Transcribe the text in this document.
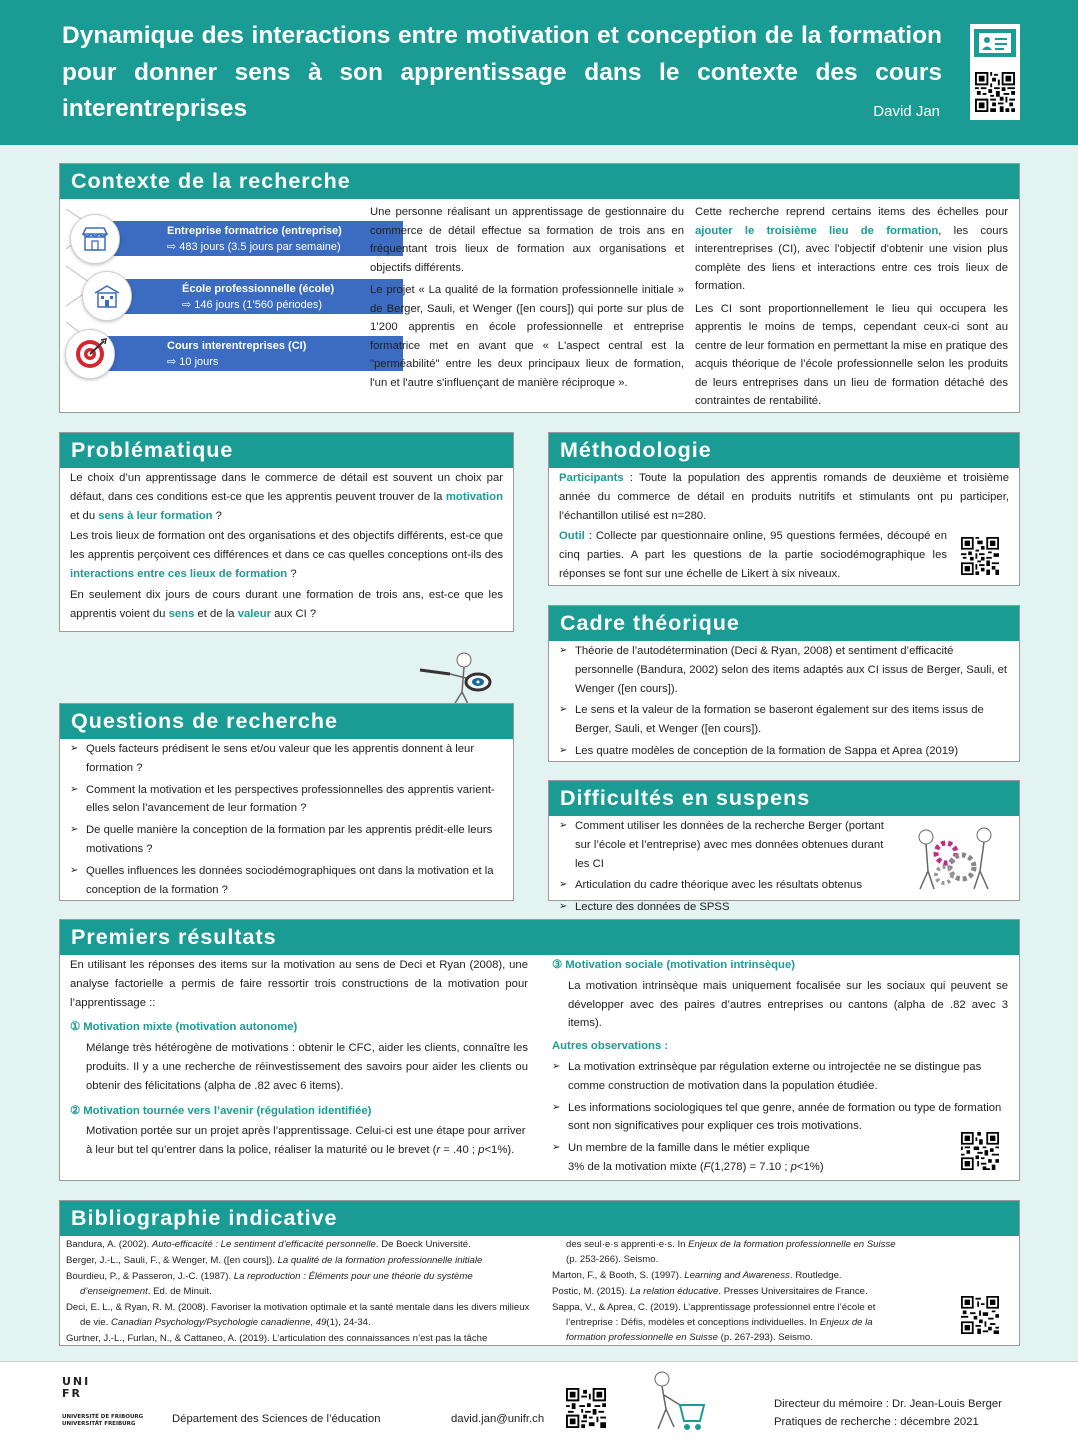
Dynamique des interactions entre motivation et conception de la formation pour donner sens à son apprentissage dans le contexte des cours interentreprises	David Jan
Contexte de la recherche
Entreprise formatrice (entreprise)
⇨ 483 jours (3.5 jours par semaine)
École professionnelle (école)
⇨ 146 jours (1’560 périodes)
Cours interentreprises (CI)
⇨ 10 jours

Une personne réalisant un apprentissage de gestionnaire du commerce de détail effectue sa formation de trois ans en fréquentant trois lieux de formation aux organisations et objectifs différents.

Le projet « La qualité de la formation professionnelle initiale » de Berger, Sauli, et Wenger ([en cours]) qui porte sur plus de 1’200 apprentis en école professionnelle et entreprise formatrice met en avant que « L'aspect central est la "perméabilité" entre les deux principaux lieux de formation, l'un et l'autre s'influençant de manière réciproque ».

Cette recherche reprend certains items des échelles pour ajouter le troisième lieu de formation, les cours interentreprises (CI), avec l'objectif d'obtenir une vision plus complète des liens et interactions entre ces trois lieux de formation.

Les CI sont proportionnellement le lieu qui occupera les apprentis le moins de temps, cependant ceux-ci sont au centre de leur formation en permettant la mise en pratique des acquis théorique de l’école professionnelle selon les produits de leurs entreprises dans un lieu de formation détaché des contraintes de rentabilité.

Problématique

Le choix d’un apprentissage dans le commerce de détail est souvent un choix par défaut, dans ces conditions est-ce que les apprentis peuvent trouver de la motivation et du sens à leur formation ?

Les trois lieux de formation ont des organisations et des objectifs différents, est-ce que les apprentis perçoivent ces différences et dans ce cas quelles conceptions ont-ils des interactions entre ces lieux de formation ?

En seulement dix jours de cours durant une formation de trois ans, est-ce que les apprentis voient du sens et de la valeur aux CI ?

Questions de recherche
➢ Quels facteurs prédisent le sens et/ou valeur que les apprentis donnent à leur formation ?
➢ Comment la motivation et les perspectives professionnelles des apprentis varient-elles selon l’avancement de leur formation ?
➢ De quelle manière la conception de la formation par les apprentis prédit-elle leurs motivations ?
➢ Quelles influences les données sociodémographiques ont dans la motivation et la conception de la formation ?
Méthodologie

Participants : Toute la population des apprentis romands de deuxième et troisième année du commerce de détail en produits nutritifs et stimulants ont pu participer, l’échantillon utilisé est n=280.

Outil : Collecte par questionnaire online, 95 questions fermées, découpé en cinq parties. A part les questions de la partie sociodémographique les réponses se font sur une échelle de Likert à six niveaux.

Cadre théorique
➢ Théorie de l’autodétermination (Deci & Ryan, 2008) et sentiment d’efficacité personnelle (Bandura, 2002) selon des items adaptés aux CI issus de Berger, Sauli, et Wenger ([en cours]).
➢ Le sens et la valeur de la formation se baseront également sur des items issus de Berger, Sauli, et Wenger ([en cours]).
➢ Les quatre modèles de conception de la formation de Sappa et Aprea (2019)
Difficultés en suspens
➢ Comment utiliser les données de la recherche Berger (portant sur l’école et l’entreprise) avec mes données obtenues durant les CI
➢ Articulation du cadre théorique avec les résultats obtenus
➢ Lecture des données de SPSS
Premiers résultats

En utilisant les réponses des items sur la motivation au sens de Deci et Ryan (2008), une analyse factorielle a permis de faire ressortir trois constructions de la motivation pour l’apprentissage ::

① Motivation mixte (motivation autonome)

Mélange très hétérogène de motivations : obtenir le CFC, aider les clients, connaître les produits. Il y a une recherche de réinvestissement des savoirs pour aider les clients ou obtenir des félicitations (alpha de .82 avec 6 items).

② Motivation tournée vers l’avenir (régulation identifiée)

Motivation portée sur un projet après l’apprentissage. Celui-ci est une étape pour arriver à leur but tel qu’entrer dans la police, réaliser la maturité ou le brevet (r = .40 ; p<1%).

③ Motivation sociale (motivation intrinsèque)

La motivation intrinsèque mais uniquement focalisée sur les sociaux qui peuvent se développer avec des paires d’autres entreprises ou cantons (alpha de .82 avec 3 items).

Autres observations :

➢ La motivation extrinsèque par régulation externe ou introjectée ne se distingue pas comme construction de motivation dans la population étudiée.
➢ Les informations sociologiques tel que genre, année de formation ou type de formation sont non significatives pour expliquer ces trois motivations.
➢ Un membre de la famille dans le métier explique 3% de la motivation mixte (F(1,278) = 7.10 ; p<1%)
Bibliographie indicative
Bandura, A. (2002). Auto-efficacité : Le sentiment d’efficacité personnelle. De Boeck Université.
Berger, J.-L., Sauli, F., & Wenger, M. ([en cours]). La qualité de la formation professionnelle initiale
Bourdieu, P., & Passeron, J.-C. (1987). La reproduction : Éléments pour une théorie du système d’enseignement. Ed. de Minuit.
Deci, E. L., & Ryan, R. M. (2008). Favoriser la motivation optimale et la santé mentale dans les divers milieux de vie. Canadian Psychology/Psychologie canadienne, 49(1), 24-34.
Gurtner, J.-L., Furlan, N., & Cattaneo, A. (2019). L’articulation des connaissances n’est pas la tâche
des seul·e·s apprenti·e·s. In Enjeux de la formation professionnelle en Suisse (p. 253-266). Seismo.
Marton, F., & Booth, S. (1997). Learning and Awareness. Routledge.
Postic, M. (2015). La relation éducative. Presses Universitaires de France.
Sappa, V., & Aprea, C. (2019). L’apprentissage professionnel entre l’école et l’entreprise : Défis, modèles et conceptions individuelles. In Enjeux de la formation professionnelle en Suisse (p. 267-293). Seismo.
UNI
FR
UNIVERSITÉ DE FRIBOURG
UNIVERSITÄT FREIBURG	Département des Sciences de l’éducation	david.jan@unifr.ch
Directeur du mémoire : Dr. Jean-Louis Berger
Pratiques de recherche : décembre 2021
